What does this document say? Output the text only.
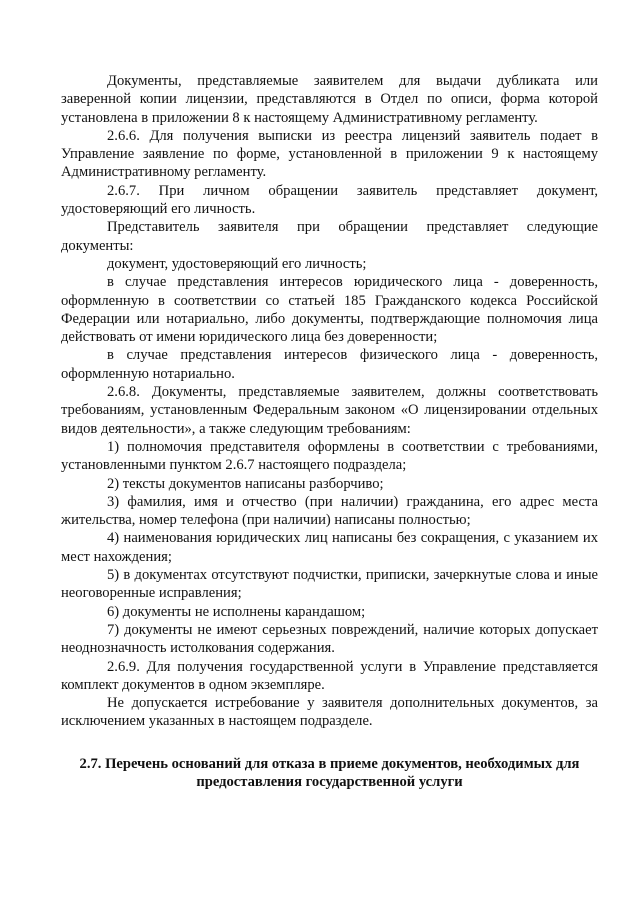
Документы, представляемые заявителем для выдачи дубликата или заверенной копии лицензии, представляются в Отдел по описи, форма которой установлена в приложении 8 к настоящему Административному регламенту.

2.6.6. Для получения выписки из реестра лицензий заявитель подает в Управление заявление по форме, установленной в приложении 9 к настоящему Административному регламенту.

2.6.7. При личном обращении заявитель представляет документ, удостоверяющий его личность.

Представитель заявителя при обращении представляет следующие документы:

документ, удостоверяющий его личность;

в случае представления интересов юридического лица - доверенность, оформленную в соответствии со статьей 185 Гражданского кодекса Российской Федерации или нотариально, либо документы, подтверждающие полномочия лица действовать от имени юридического лица без доверенности;

в случае представления интересов физического лица - доверенность, оформленную нотариально.

2.6.8. Документы, представляемые заявителем, должны соответствовать требованиям, установленным Федеральным законом «О лицензировании отдельных видов деятельности», а также следующим требованиям:

1) полномочия представителя оформлены в соответствии с требованиями, установленными пунктом 2.6.7 настоящего подраздела;

2) тексты документов написаны разборчиво;

3) фамилия, имя и отчество (при наличии) гражданина, его адрес места жительства, номер телефона (при наличии) написаны полностью;

4) наименования юридических лиц написаны без сокращения, с указанием их мест нахождения;

5) в документах отсутствуют подчистки, приписки, зачеркнутые слова и иные неоговоренные исправления;

6) документы не исполнены карандашом;

7) документы не имеют серьезных повреждений, наличие которых допускает неоднозначность истолкования содержания.

2.6.9. Для получения государственной услуги в Управление представляется комплект документов в одном экземпляре.

Не допускается истребование у заявителя дополнительных документов, за исключением указанных в настоящем подразделе.

2.7. Перечень оснований для отказа в приеме документов, необходимых для предоставления государственной услуги
